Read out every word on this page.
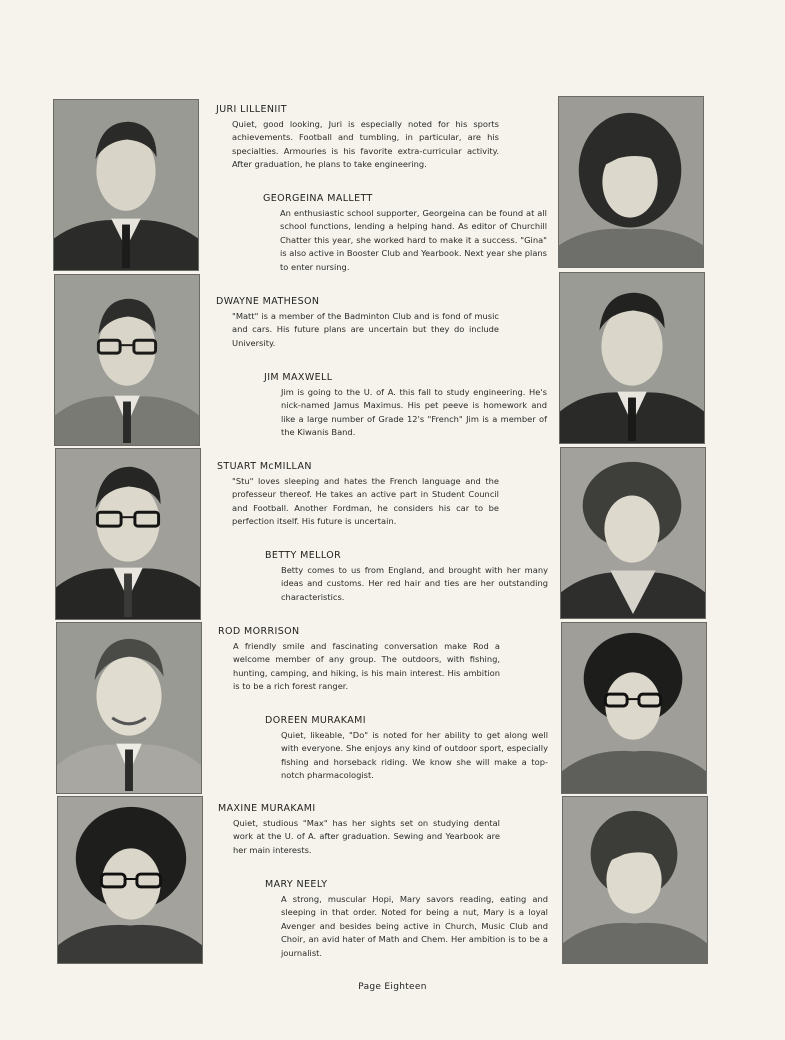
JURI LILLENIIT

Quiet, good looking, Juri is especially noted for his sports achievements. Football and tumbling, in particular, are his specialties. Armouries is his favorite extra-curricular activity. After graduation, he plans to take engineering.

GEORGEINA MALLETT

An enthusiastic school supporter, Georgeina can be found at all school functions, lending a helping hand. As editor of Churchill Chatter this year, she worked hard to make it a success. "Gina" is also active in Booster Club and Yearbook. Next year she plans to enter nursing.

DWAYNE MATHESON

"Matt" is a member of the Badminton Club and is fond of music and cars. His future plans are uncertain but they do include University.

JIM MAXWELL

Jim is going to the U. of A. this fall to study engineering. He's nick-named Jamus Maximus. His pet peeve is homework and like a large number of Grade 12's "French" Jim is a member of the Kiwanis Band.

STUART McMILLAN

"Stu" loves sleeping and hates the French language and the professeur thereof. He takes an active part in Student Council and Football. Another Fordman, he considers his car to be perfection itself. His future is uncertain.

BETTY MELLOR

Betty comes to us from England, and brought with her many ideas and customs. Her red hair and ties are her outstanding characteristics.

ROD MORRISON

A friendly smile and fascinating conversation make Rod a welcome member of any group. The outdoors, with fishing, hunting, camping, and hiking, is his main interest. His ambition is to be a rich forest ranger.

DOREEN MURAKAMI

Quiet, likeable, "Do" is noted for her ability to get along well with everyone. She enjoys any kind of outdoor sport, especially fishing and horseback riding. We know she will make a top-notch pharmacologist.

MAXINE MURAKAMI

Quiet, studious "Max" has her sights set on studying dental work at the U. of A. after graduation. Sewing and Yearbook are her main interests.

MARY NEELY

A strong, muscular Hopi, Mary savors reading, eating and sleeping in that order. Noted for being a nut, Mary is a loyal Avenger and besides being active in Church, Music Club and Choir, an avid hater of Math and Chem. Her ambition is to be a journalist.

Page Eighteen
